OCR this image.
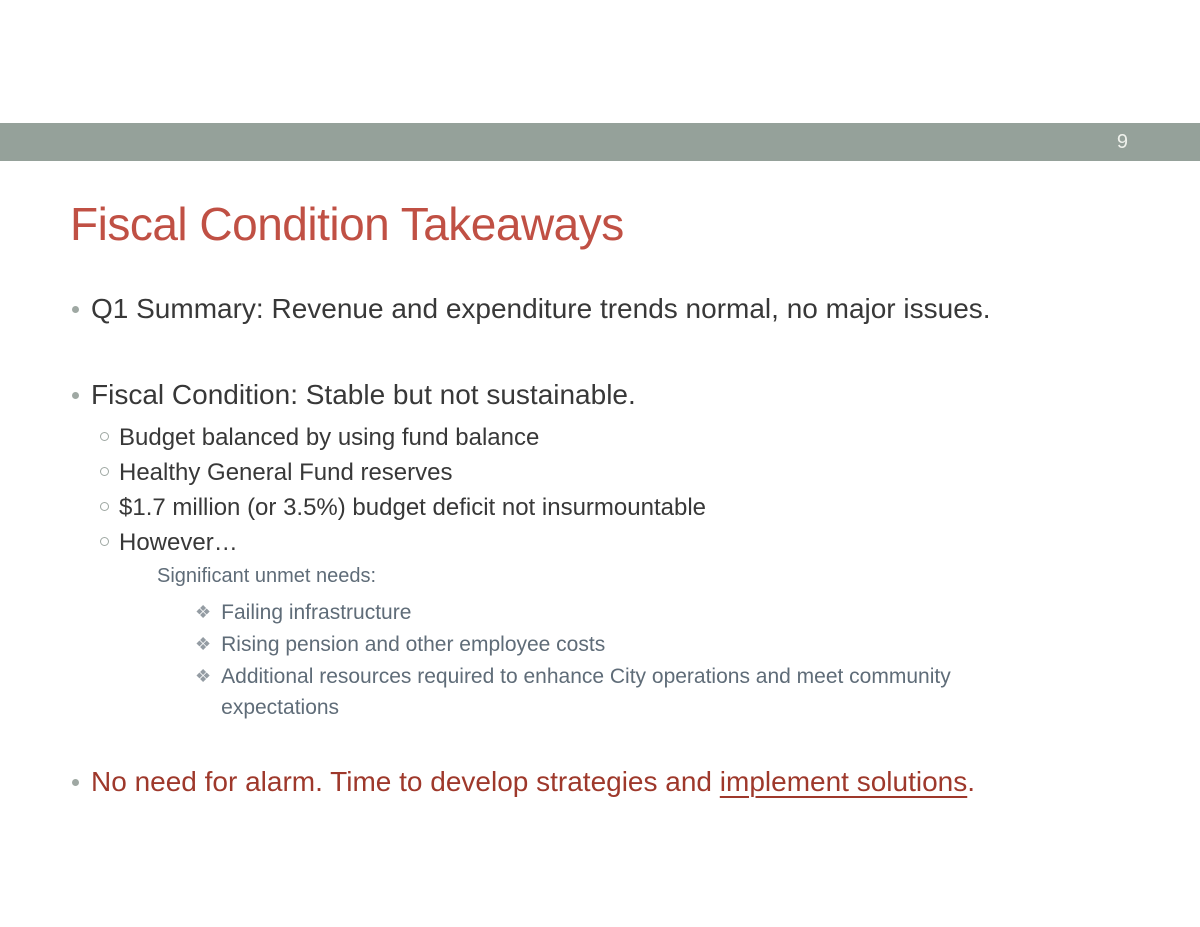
9
Fiscal Condition Takeaways
Q1 Summary: Revenue and expenditure trends normal, no major issues.
Fiscal Condition: Stable but not sustainable.
Budget balanced by using fund balance
Healthy General Fund reserves
$1.7 million (or 3.5%) budget deficit not insurmountable
However…
Significant unmet needs:
❖ Failing infrastructure
❖ Rising pension and other employee costs
❖ Additional resources required to enhance City operations and meet community expectations
No need for alarm. Time to develop strategies and implement solutions.
